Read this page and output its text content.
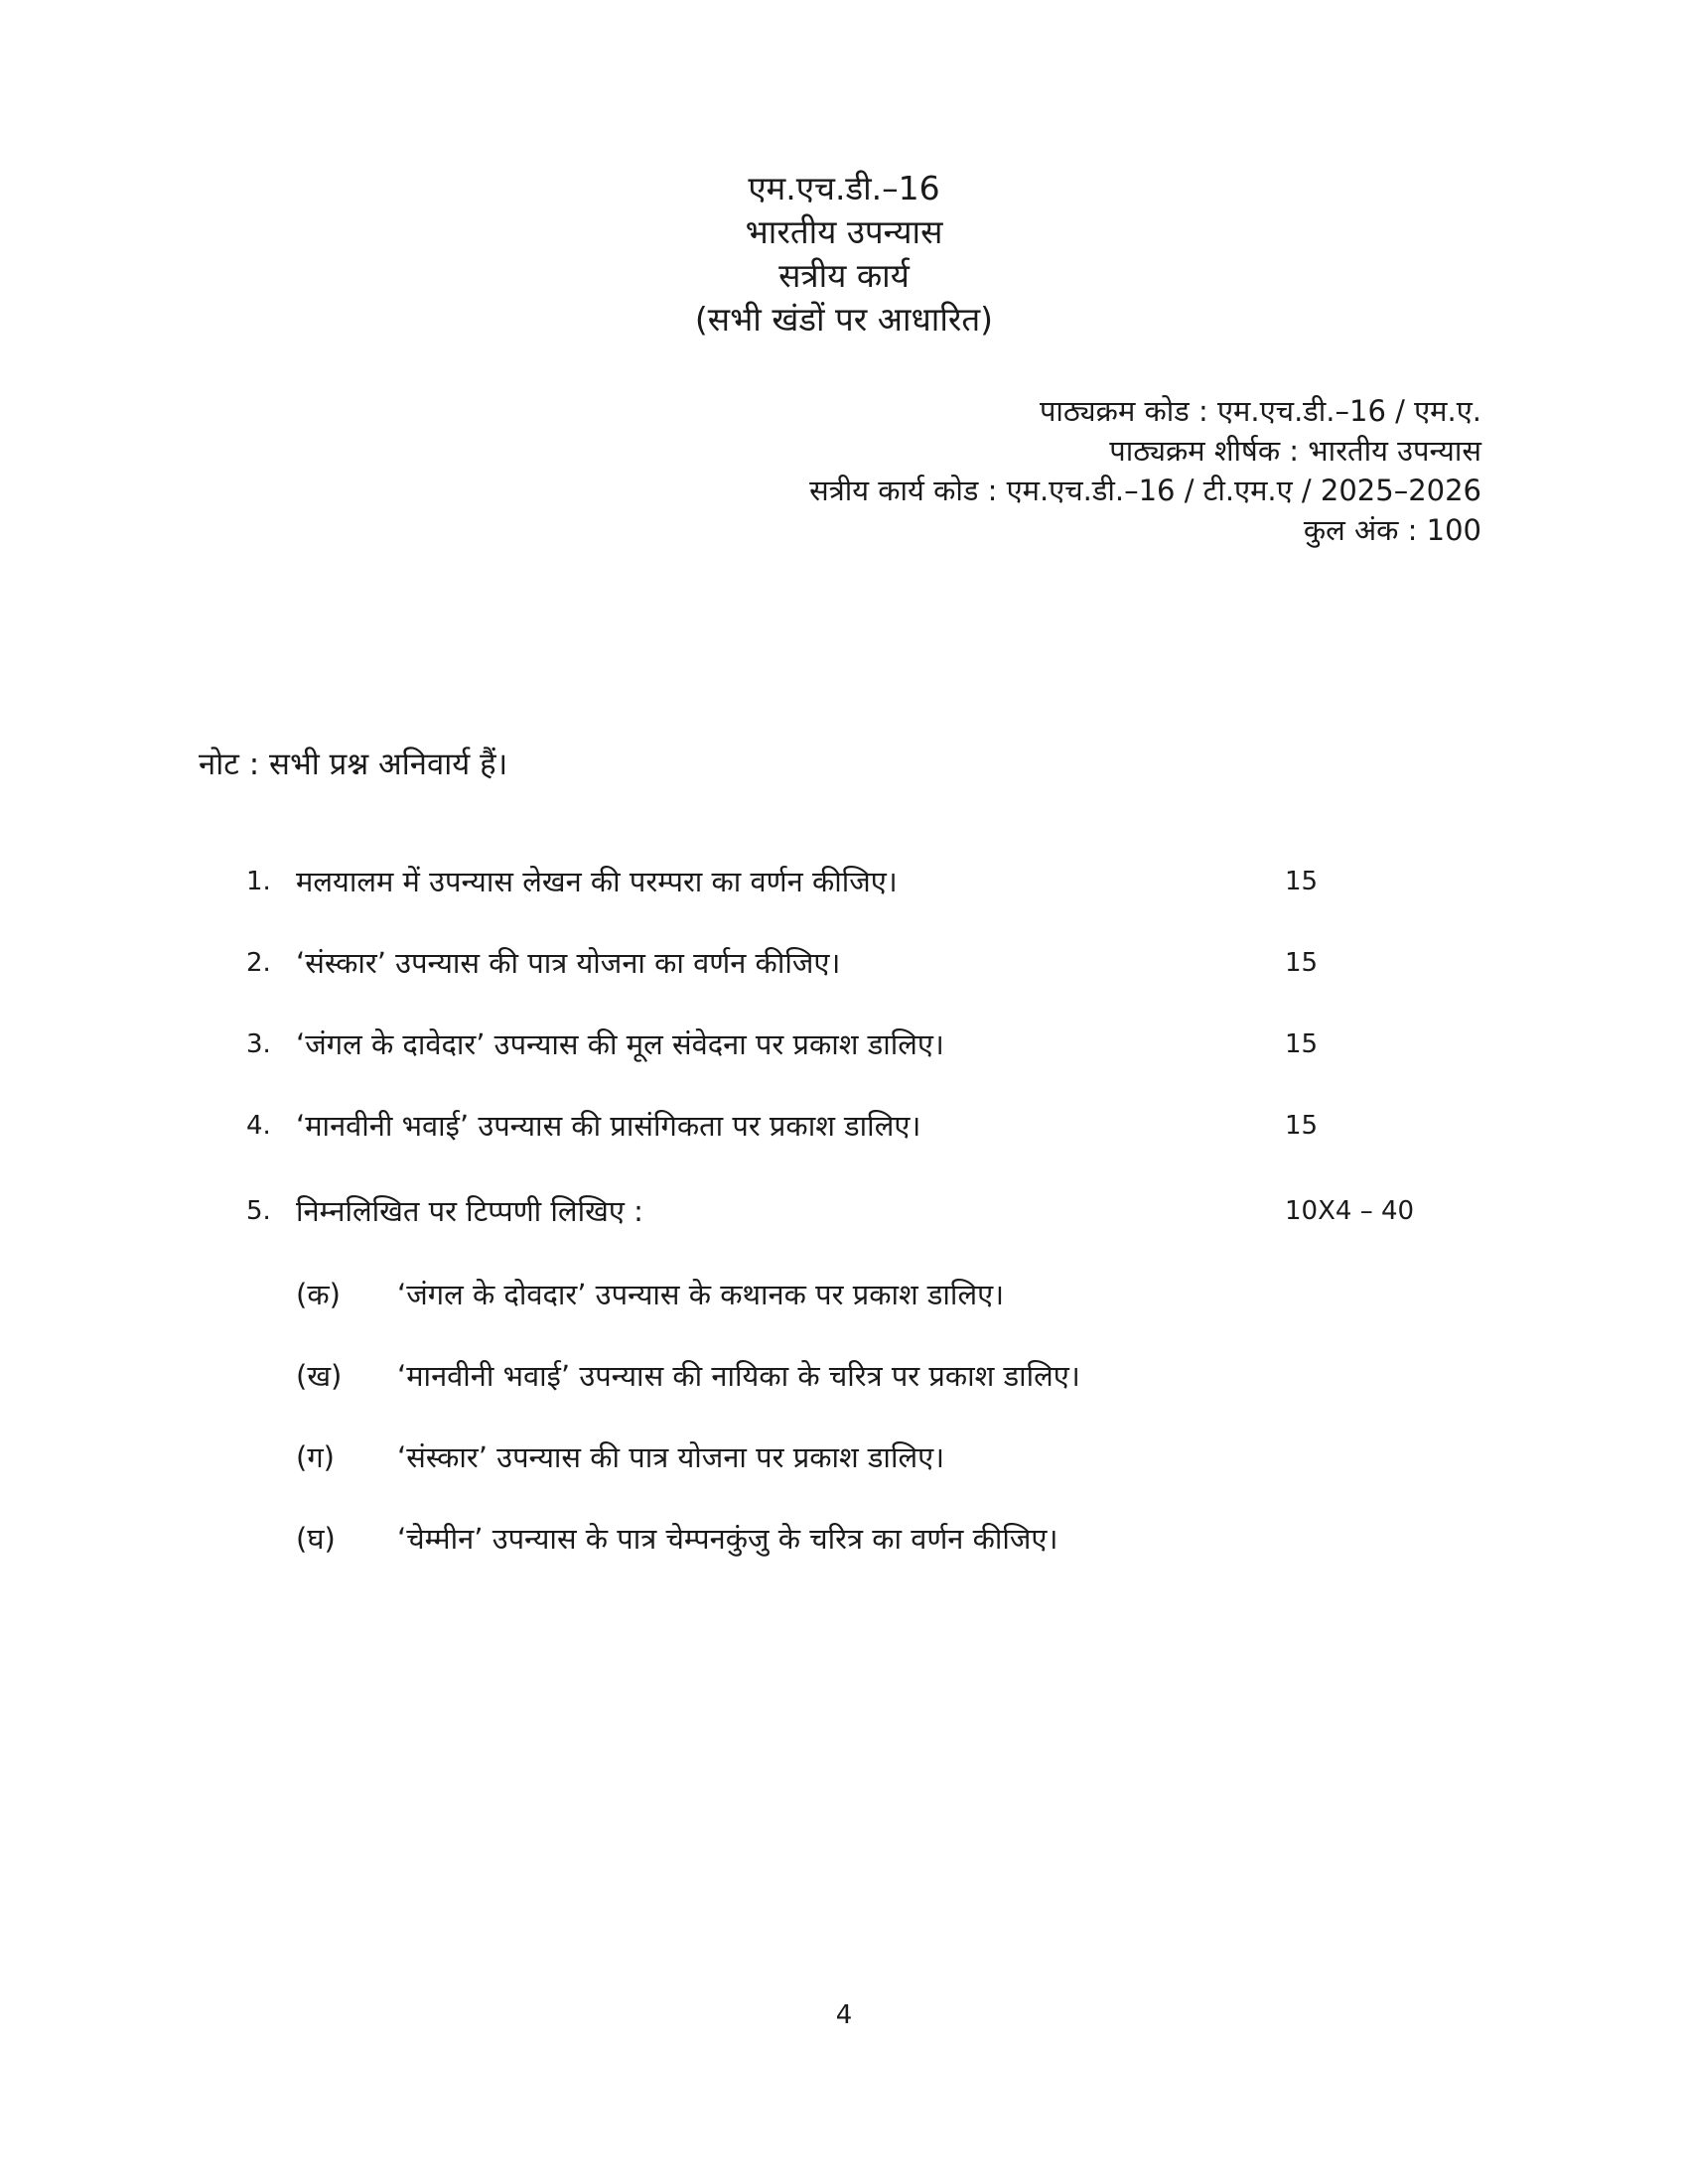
एम.एच.डी.–16
भारतीय उपन्यास
सत्रीय कार्य
(सभी खंडों पर आधारित)
पाठ्यक्रम कोड : एम.एच.डी.–16 / एम.ए.
पाठ्यक्रम शीर्षक : भारतीय उपन्यास
सत्रीय कार्य कोड : एम.एच.डी.–16 / टी.एम.ए / 2025–2026
कुल अंक : 100
नोट : सभी प्रश्न अनिवार्य हैं।
1. मलयालम में उपन्यास लेखन की परम्परा का वर्णन कीजिए।	15
2. ‘संस्कार’ उपन्यास की पात्र योजना का वर्णन कीजिए।	15
3. ‘जंगल के दावेदार’ उपन्यास की मूल संवेदना पर प्रकाश डालिए।	15
4. ‘मानवीनी भवाई’ उपन्यास की प्रासंगिकता पर प्रकाश डालिए।	15
5. निम्नलिखित पर टिप्पणी लिखिए :	10X4 – 40
(क) ‘जंगल के दोवदार’ उपन्यास के कथानक पर प्रकाश डालिए।
(ख) ‘मानवीनी भवाई’ उपन्यास की नायिका के चरित्र पर प्रकाश डालिए।
(ग) ‘संस्कार’ उपन्यास की पात्र योजना पर प्रकाश डालिए।
(घ) ‘चेम्मीन’ उपन्यास के पात्र चेम्पनकुंजु के चरित्र का वर्णन कीजिए।
4
